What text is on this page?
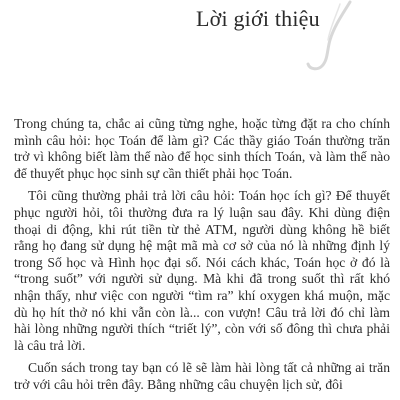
Lời giới thiệu

Trong chúng ta, chắc ai cũng từng nghe, hoặc từng đặt ra cho chính mình câu hỏi: học Toán để làm gì? Các thầy giáo Toán thường trăn trở vì không biết làm thế nào để học sinh thích Toán, và làm thế nào để thuyết phục học sinh sự cần thiết phải học Toán.

Tôi cũng thường phải trả lời câu hỏi: Toán học ích gì? Để thuyết phục người hỏi, tôi thường đưa ra lý luận sau đây. Khi dùng điện thoại di động, khi rút tiền từ thẻ ATM, người dùng không hề biết rằng họ đang sử dụng hệ mật mã mà cơ sở của nó là những định lý trong Số học và Hình học đại số. Nói cách khác, Toán học ở đó là “trong suốt” với người sử dụng. Mà khi đã trong suốt thì rất khó nhận thấy, như việc con người “tìm ra” khí oxygen khá muộn, mặc dù họ hít thở nó khi vẫn còn là... con vượn! Câu trả lời đó chỉ làm hài lòng những người thích “triết lý”, còn với số đông thì chưa phải là câu trả lời.

Cuốn sách trong tay bạn có lẽ sẽ làm hài lòng tất cả những ai trăn trở với câu hỏi trên đây. Bằng những câu chuyện lịch sử, đôi
